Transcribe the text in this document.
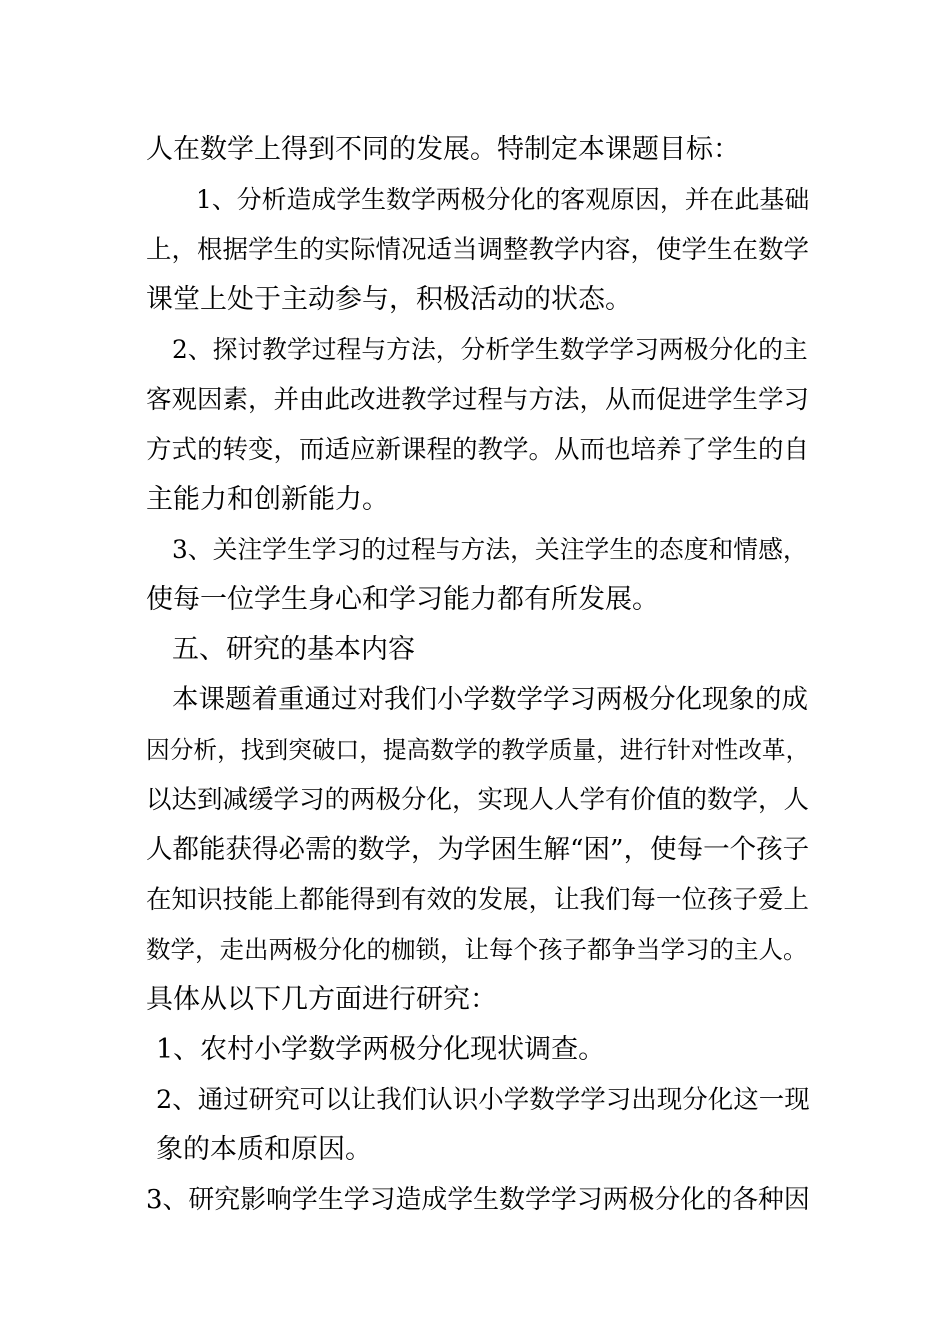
人在数学上得到不同的发展。特制定本课题目标：
1、分析造成学生数学两极分化的客观原因，并在此基础
上，根据学生的实际情况适当调整教学内容，使学生在数学
课堂上处于主动参与，积极活动的状态。
2、探讨教学过程与方法，分析学生数学学习两极分化的主
客观因素，并由此改进教学过程与方法，从而促进学生学习
方式的转变，而适应新课程的教学。从而也培养了学生的自
主能力和创新能力。
3、关注学生学习的过程与方法，关注学生的态度和情感，
使每一位学生身心和学习能力都有所发展。
五、研究的基本内容
本课题着重通过对我们小学数学学习两极分化现象的成
因分析，找到突破口，提高数学的教学质量，进行针对性改革，
以达到减缓学习的两极分化，实现人人学有价值的数学，人
人都能获得必需的数学，为学困生解“困”，使每一个孩子
在知识技能上都能得到有效的发展，让我们每一位孩子爱上
数学，走出两极分化的枷锁，让每个孩子都争当学习的主人。
具体从以下几方面进行研究：
1、农村小学数学两极分化现状调查。
2、通过研究可以让我们认识小学数学学习出现分化这一现
象的本质和原因。
3、研究影响学生学习造成学生数学学习两极分化的各种因
